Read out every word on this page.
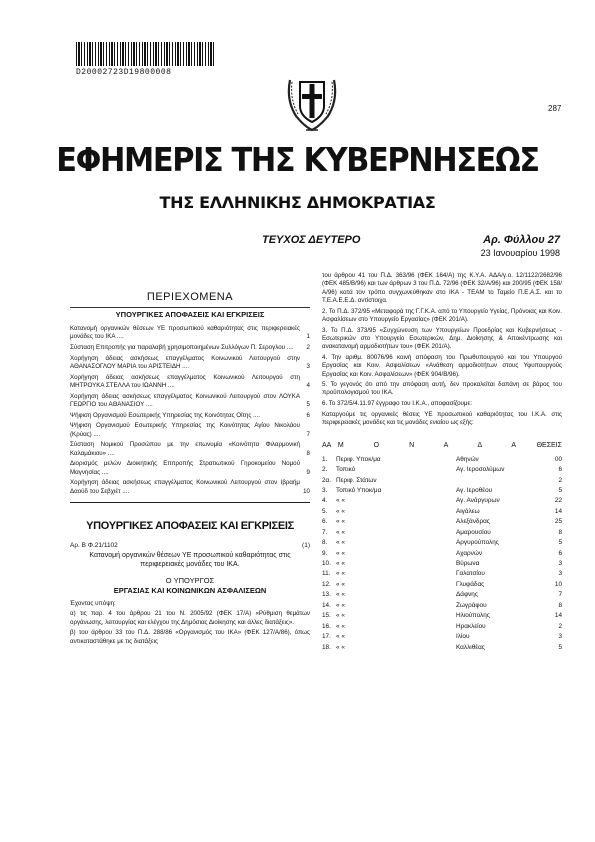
D20002723D19800008
287
ΕΦΗΜΕΡΙΣ ΤΗΣ ΚΥΒΕΡΝΗΣΕΩΣ
ΤΗΣ ΕΛΛΗΝΙΚΗΣ ΔΗΜΟΚΡΑΤΙΑΣ
ΤΕΥΧΟΣ ΔΕΥΤΕΡΟ	Αρ. Φύλλου 27
23 Ιανουαρίου 1998
ΠΕΡΙΕΧΟΜΕΝΑ
ΥΠΟΥΡΓΙΚΕΣ ΑΠΟΦΑΣΕΙΣ ΚΑΙ ΕΓΚΡΙΣΕΙΣ
Κατανομή οργανικών θέσεων ΥΕ προσωπικού καθαριότητας στις περιφερειακές μονάδες του ΙΚΑ ....	1
Σύσταση Επιτροπής για παραλαβή χρησιμοποιημένων Συλλόγων Π. Σερογλου .... 2
Χορήγηση άδειας ασκήσεως επαγγέλματος Κοινωνικού Λειτουργού στην ΑΘΑΝΑΣΟΓΛΟΥ ΜΑΡΙΑ του ΑΡΙΣΤΕΙΔΗ ....	3
Χορήγηση άδειας ασκήσεως επαγγέλματος Κοινωνικού Λειτουργού στη ΜΗΤΡΟΥΚΑ ΣΤΕΛΛΑ του ΙΩΑΝΝΗ ....	4
Χορήγηση άδειας ασκήσεως επαγγέλματος Κοινωνικού Λειτουργού στον ΛΟΥΚΑ ΓΕΩΡΓΙΟ του ΑΘΑΝΑΣΙΟΥ ....	5
Ψήφιση Οργανισμού Εσωτερικής Υπηρεσίας της Κοινότητας Οίτης ....	6
Ψήφιση Οργανισμού Εσωτερικής Υπηρεσίας της Κοινότητας Αγίου Νικολάου (Κρύας) ....	7
Σύσταση Νομικού Προσώπου με την επωνυμία «Κοινότητα Φιλαρμονική Καλαμάκιου» ....	8
Διορισμός μελών Διοικητικής Επιτροπής Στρατιωτικού Γηροκομείου Νομού Μαγνησίας ....	9
Χορήγηση άδειας ασκήσεως επαγγέλματος Κοινωνικού Λειτουργού στον Ιβραήμ Δαούδ του Σεβχιέτ ....	10
ΥΠΟΥΡΓΙΚΕΣ ΑΠΟΦΑΣΕΙΣ ΚΑΙ ΕΓΚΡΙΣΕΙΣ
Αρ. Β Φ.21/1102	(1)
Κατανομή οργανικών θέσεων ΥΕ προσωπικού καθαριότητας στις περιφερειακές μονάδες του ΙΚΑ.
Ο ΥΠΟΥΡΓΟΣ
ΕΡΓΑΣΙΑΣ ΚΑΙ ΚΟΙΝΩΝΙΚΩΝ ΑΣΦΑΛΙΣΕΩΝ
Έχοντας υπόψη:
α) τις παρ. 4 του άρθρου 21 του Ν. 2005/92 (ΦΕΚ 17/Α) «Ρύθμιση θεμάτων οργάνωσης, λειτουργίας και ελέγχου της Δημόσιας Διοίκησης και άλλες διατάξεις».
β) του άρθρου 33 του Π.Δ. 288/86 «Οργανισμός του ΙΚΑ» (ΦΕΚ 127/Α/86), όπως αντικαταστάθηκε με τις διατάξεις
του άρθρου 41 του Π.Δ. 363/96 (ΦΕΚ 164/Α) της Κ.Υ.Α. ΑΔΑ/γ.ο. 12/1122/2682/96 (ΦΕΚ 485/Β/96) και των άρθρων 3 του Π.Δ. 72/96 (ΦΕΚ 32/Α/96) και 200/95 (ΦΕΚ 158/Α/96) κατά τον τρόπο συγχωνεύθηκαν στο ΙΚΑ - ΤΕΑΜ το Ταμείο Π.Ε.Α.Σ. και το Τ.Ε.Α.Ε.Ε.Δ. αντίστοιχα.
2. Το Π.Δ. 372/95 «Μεταφορά της Γ.Γ.Κ.Α. από το Υπουργείο Υγείας, Πρόνοιας και Κοιν. Ασφαλίσεων στο Υπουργείο Εργασίας» (ΦΕΚ 201/Α).
3. Το Π.Δ. 373/95 «Συγχώνευση των Υπουργείων Προεδρίας και Κυβερνήσεως - Εσωτερικών στο Υπουργείο Εσωτερικών, Δημ. Διοίκησης & Αποκέντρωσης και ανακατανομή αρμοδιοτήτων του» (ΦΕΚ 201/Α).
4. Την αριθμ. 80076/96 κοινή απόφαση του Πρωθυπουργού και του Υπουργού Εργασίας και Κοιν. Ασφαλίσεων «Ανάθεση αρμοδιοτήτων στους Υφυπουργούς Εργασίας και Κοιν. Ασφαλίσεων» (ΦΕΚ 904/Β/96).
5. Το γεγονός ότι από την απόφαση αυτή, δεν προκαλείται δαπάνη σε βάρος του προϋπολογισμού του ΙΚΑ.
6. Το 372/5/4.11.97 έγγραφο του Ι.Κ.Α., αποφασίζουμε:
Καταργούμε τις οργανικές θέσεις ΥΕ προσωπικού καθαριότητας του Ι.Κ.Α. στις περιφερειακές μονάδες και τις μονάδες ενιαίου ως εξής:
ΑΑ Μ Ο Ν Α Δ Α ΘΕΣΕΙΣ
1.	Περιφ. Υποκ/μα	Αθηνών	00
2.	Τοπικό	Αγ. Ιεροσολύμων	6
2α.	Περιφ. Στάτων		2
3.	Τοπικό Υποκ/μα	Αγ. Ιεροθέου	5
4.	« «	Αγ. Ανάργυρων	22
5.	« «	Αιγάλεω	14
6.	« «	Αλεξάνδρας	25
7.	« «	Αμαρουσίου	8
8.	« «	Αργυρούπολης	5
9.	« «	Αχαρνών	6
10.	« «	Βύρωνα	3
11.	« «	Γαλατσίου	3
12.	« «	Γλυφάδας	10
13.	« «	Δάφνης	7
14.	« «	Ζωγράφου	8
15.	« «	Ηλιούπολης	14
16.	« «	Ηρακλείου	2
17.	« «	Ιλίου	3
18.	« «	Καλλιθέας	5
